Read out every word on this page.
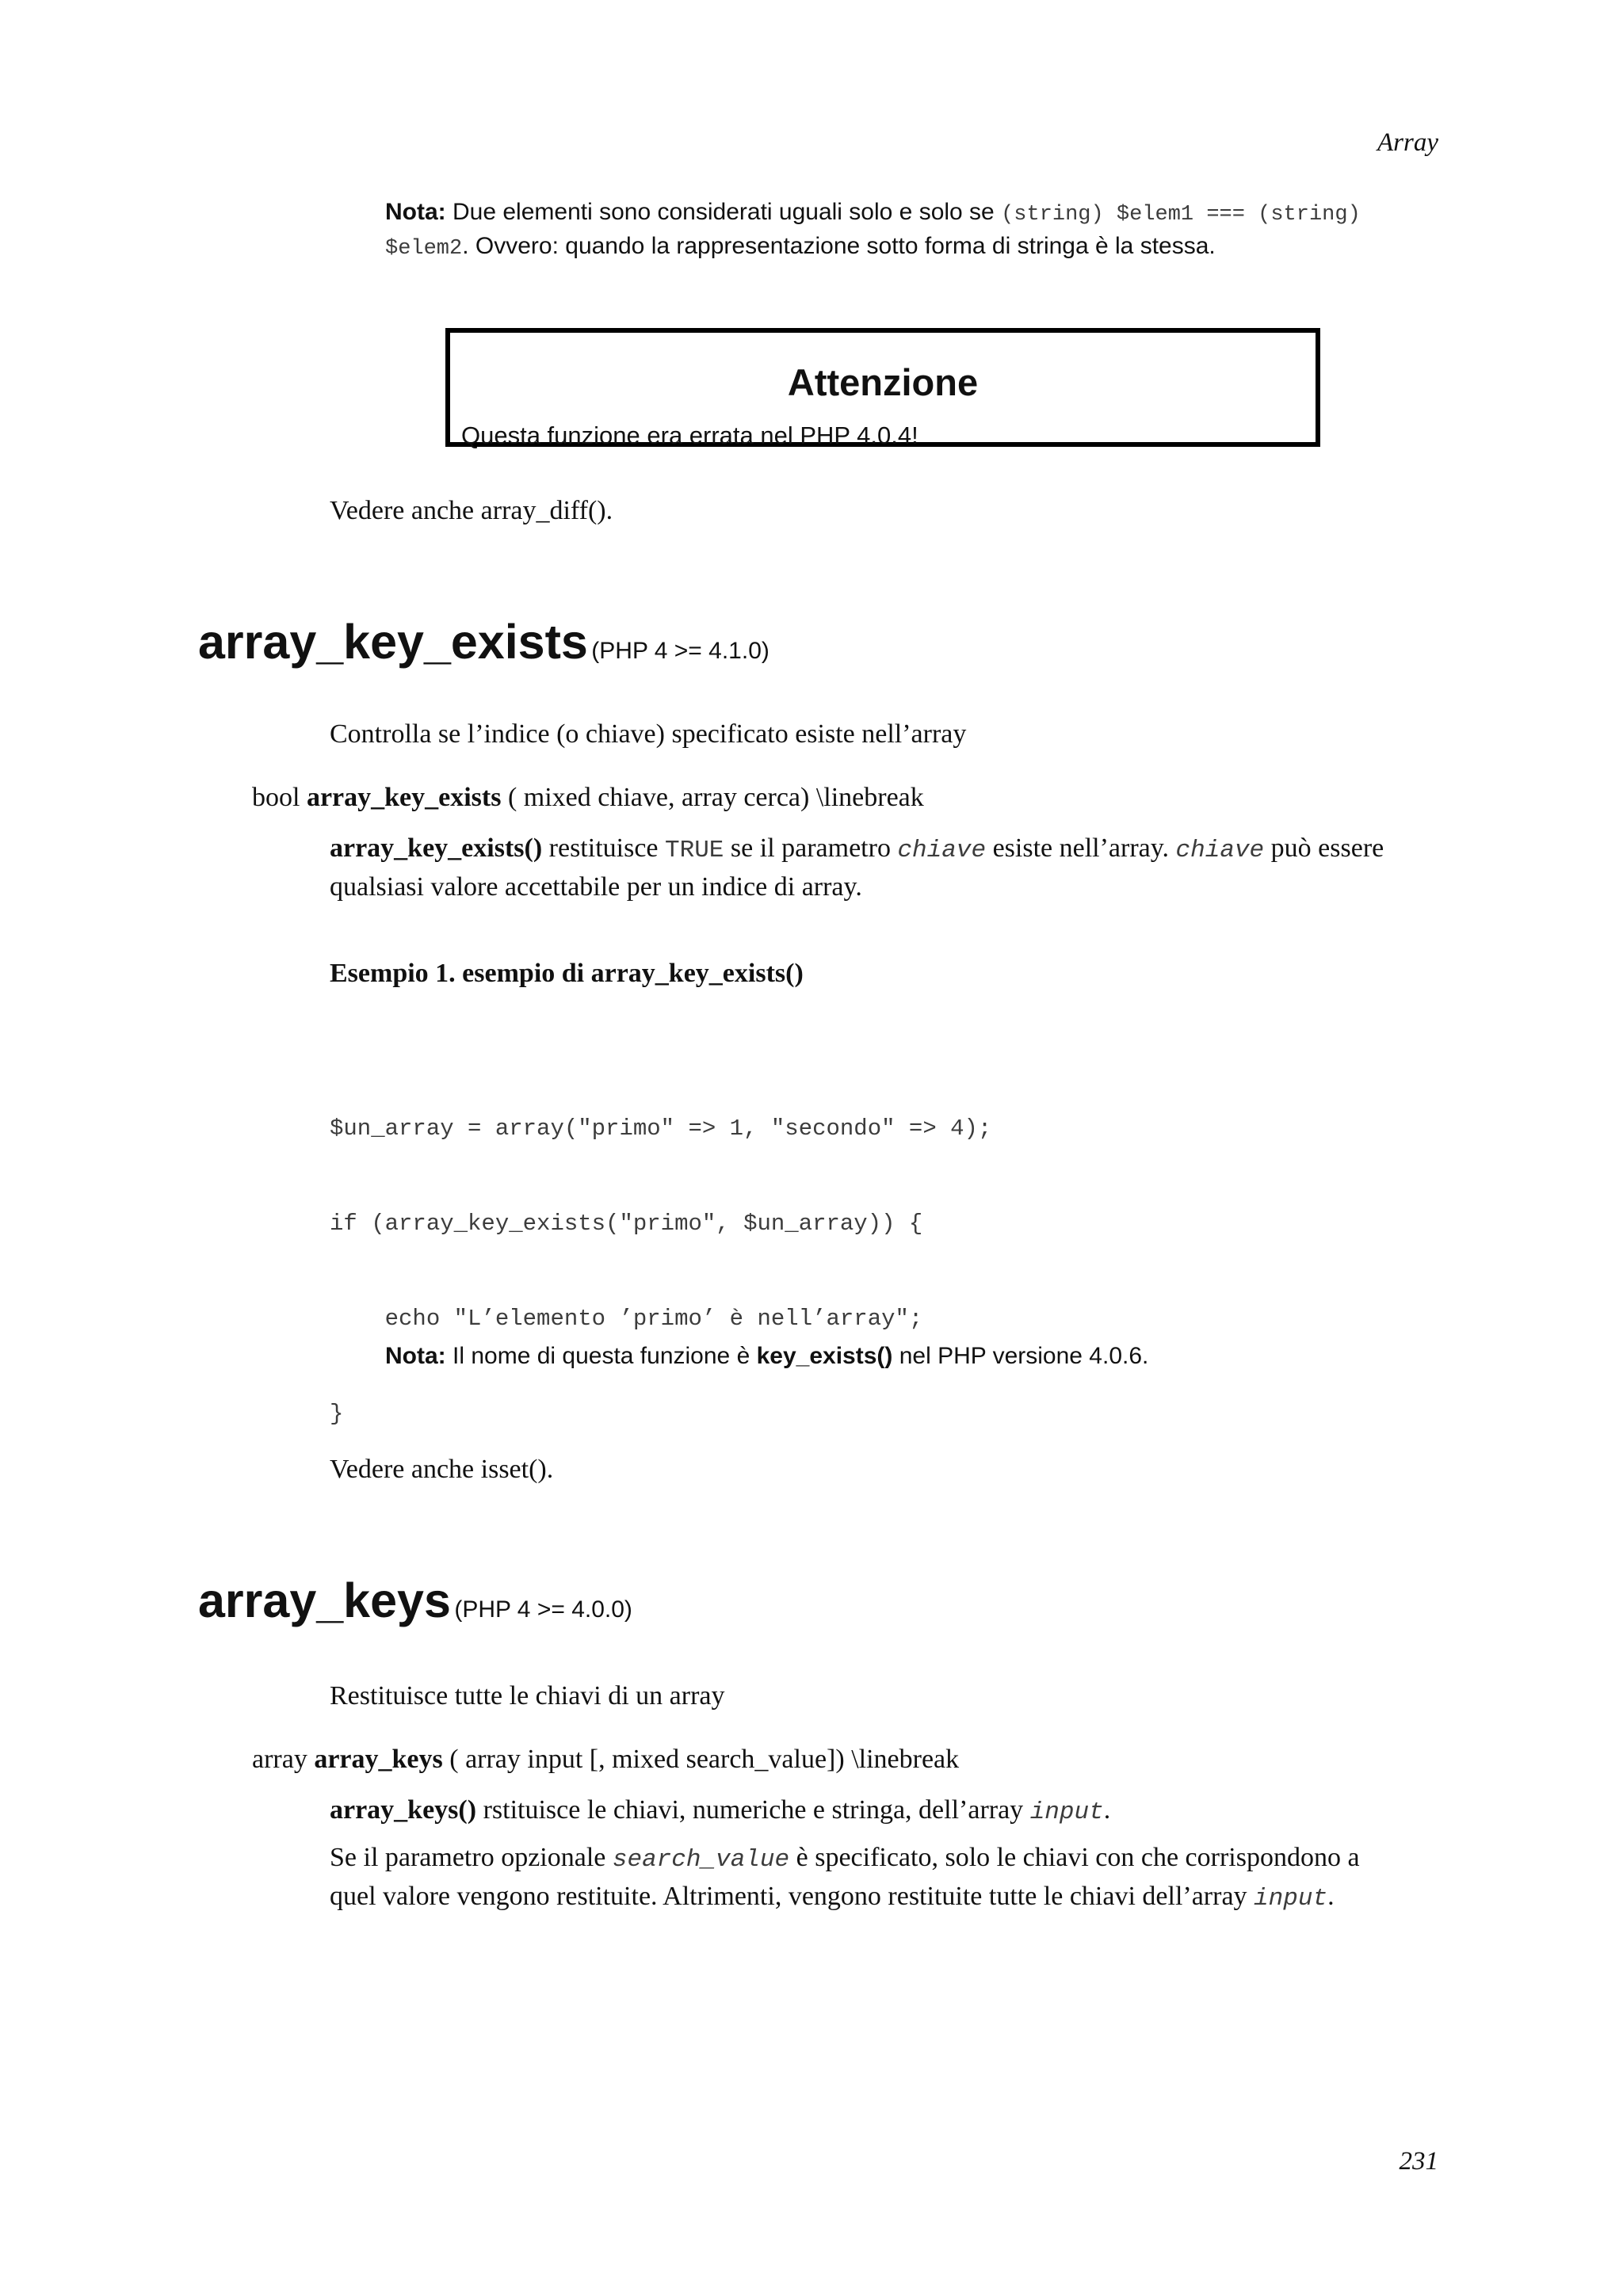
Array
231
Nota: Due elementi sono considerati uguali solo e solo se (string) $elem1 === (string)
$elem2. Ovvero: quando la rappresentazione sotto forma di stringa è la stessa.
Attenzione
Questa funzione era errata nel PHP 4.0.4!
Vedere anche array_diff().
array_key_exists (PHP 4 >= 4.1.0)
Controlla se l’indice (o chiave) specificato esiste nell’array
bool array_key_exists ( mixed chiave, array cerca) \linebreak
array_key_exists() restituisce TRUE se il parametro chiave esiste nell’array. chiave può essere
qualsiasi valore accettabile per un indice di array.
Esempio 1. esempio di array_key_exists()

$un_array = array("primo" => 1, "secondo" => 4);

if (array_key_exists("primo", $un_array)) {

echo "L’elemento ’primo’ è nell’array";

}

Nota: Il nome di questa funzione è key_exists() nel PHP versione 4.0.6.
Vedere anche isset().
array_keys (PHP 4 >= 4.0.0)
Restituisce tutte le chiavi di un array
array array_keys ( array input [, mixed search_value]) \linebreak
array_keys() rstituisce le chiavi, numeriche e stringa, dell’array input.
Se il parametro opzionale search_value è specificato, solo le chiavi con che corrispondono a
quel valore vengono restituite. Altrimenti, vengono restituite tutte le chiavi dell’array input.
